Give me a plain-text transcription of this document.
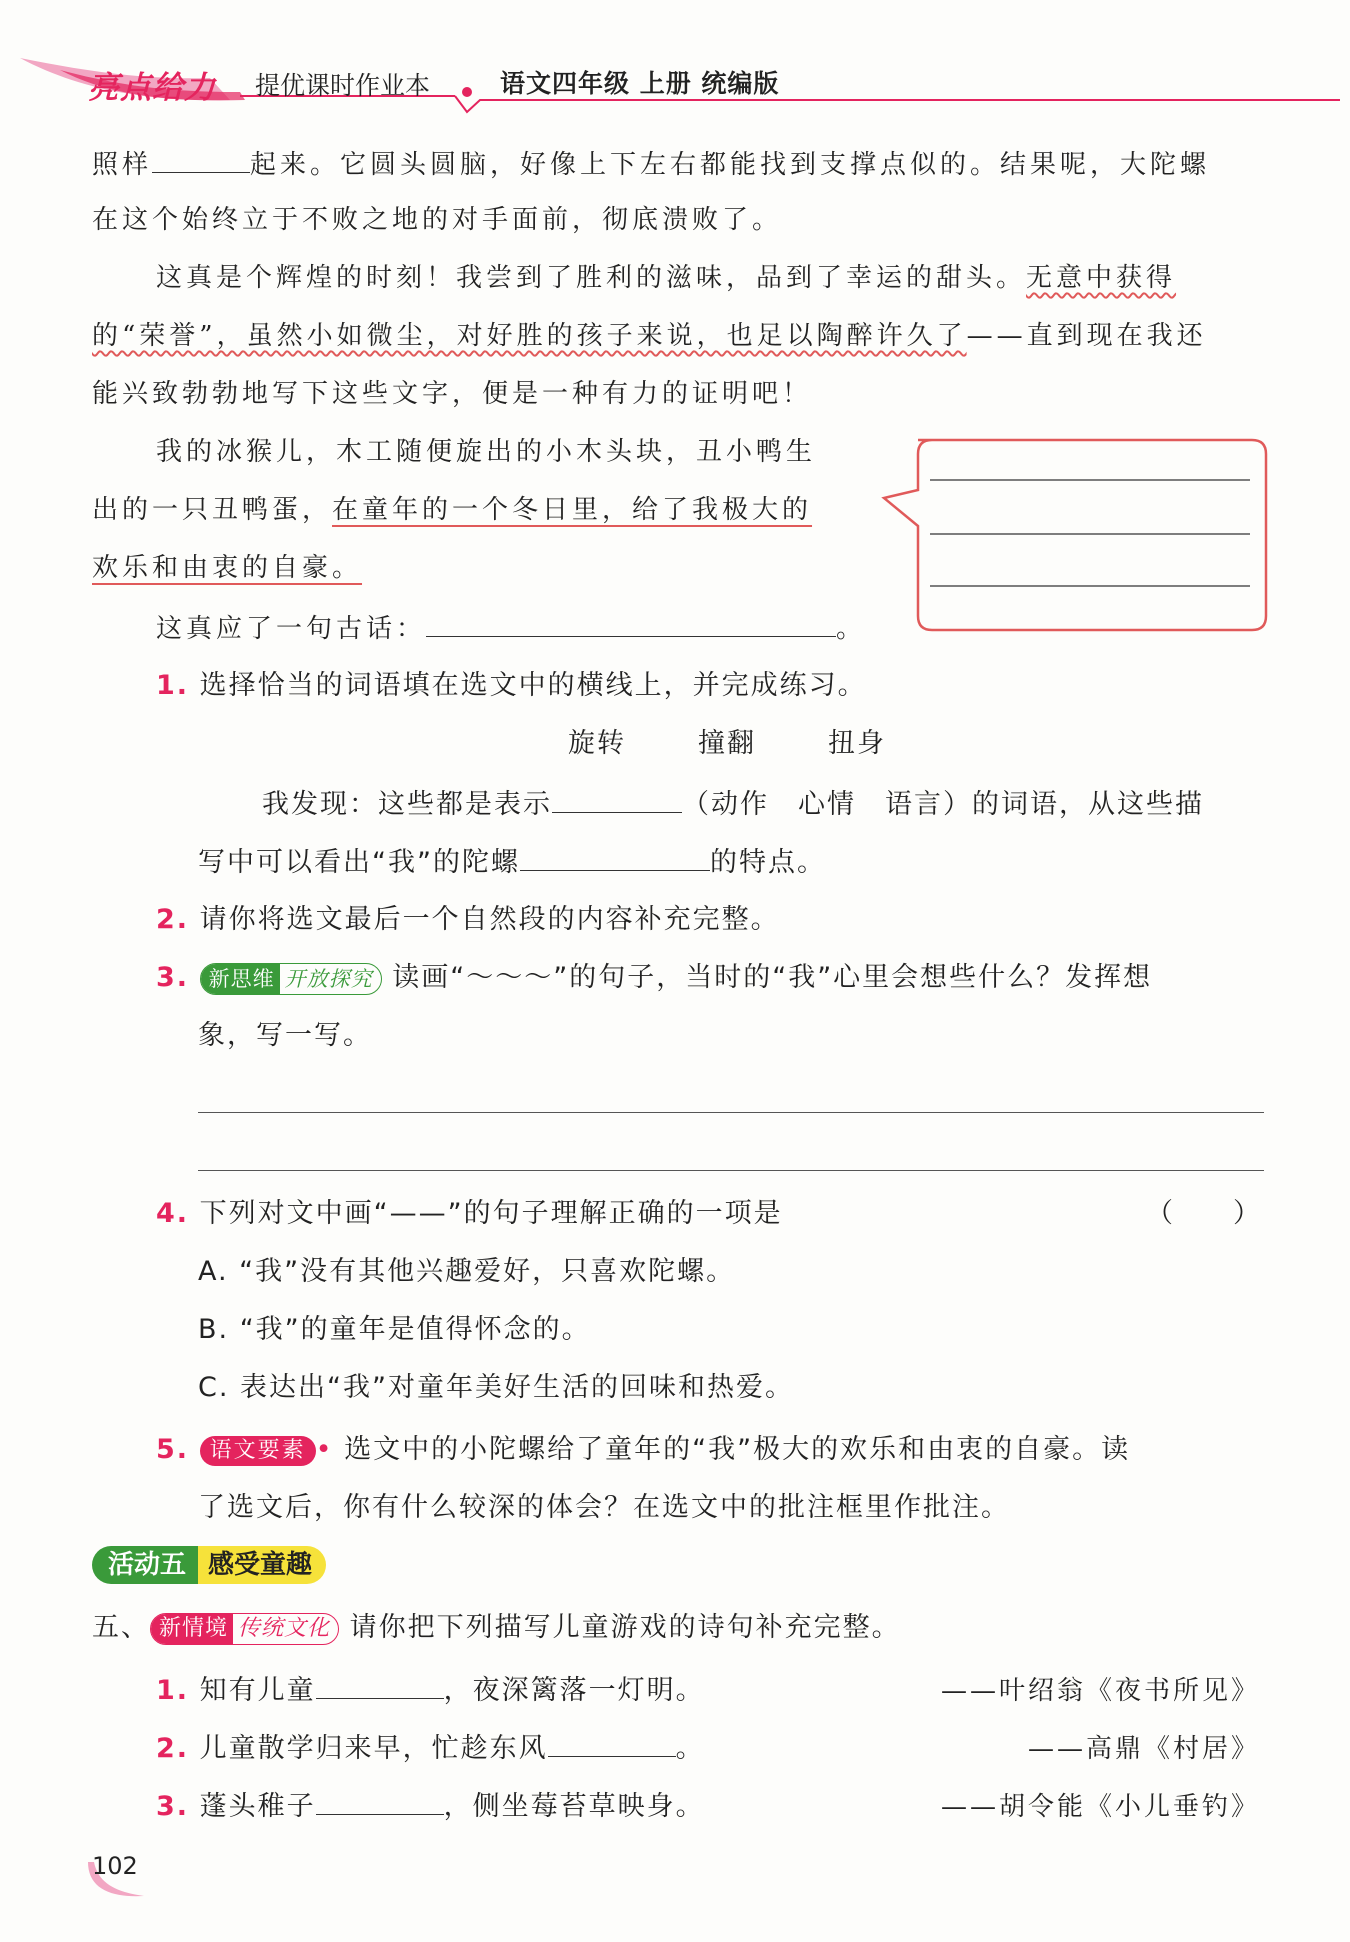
亮点给力 提优课时作业本	语文四年级 上册 统编版
照样	起来。它圆头圆脑，好像上下左右都能找到支撑点似的。结果呢，大陀螺
在这个始终立于不败之地的对手面前，彻底溃败了。
这真是个辉煌的时刻！我尝到了胜利的滋味，品到了幸运的甜头。无意中获得
的“荣誉”，虽然小如微尘，对好胜的孩子来说，也足以陶醉许久了——直到现在我还
能兴致勃勃地写下这些文字，便是一种有力的证明吧！
我的冰猴儿，木工随便旋出的小木头块，丑小鸭生
出的一只丑鸭蛋，在童年的一个冬日里，给了我极大的
欢乐和由衷的自豪。
这真应了一句古话：	。
1. 选择恰当的词语填在选文中的横线上，并完成练习。
旋转	撞翻	扭身
我发现：这些都是表示	（动作　心情　语言）的词语，从这些描
写中可以看出“我”的陀螺	的特点。
2. 请你将选文最后一个自然段的内容补充完整。
3. 新思维 开放探究 读画“～～～”的句子，当时的“我”心里会想些什么？发挥想
象，写一写。
4. 下列对文中画“——”的句子理解正确的一项是	（　　）
A. “我”没有其他兴趣爱好，只喜欢陀螺。
B. “我”的童年是值得怀念的。
C. 表达出“我”对童年美好生活的回味和热爱。
5. 语文要素 • 选文中的小陀螺给了童年的“我”极大的欢乐和由衷的自豪。读
了选文后，你有什么较深的体会？在选文中的批注框里作批注。
活动五 感受童趣
五、 新情境 传统文化 请你把下列描写儿童游戏的诗句补充完整。
1. 知有儿童	，夜深篱落一灯明。	——叶绍翁《夜书所见》
2. 儿童散学归来早，忙趁东风	。	——高鼎《村居》
3. 蓬头稚子	，侧坐莓苔草映身。	——胡令能《小儿垂钓》
102
